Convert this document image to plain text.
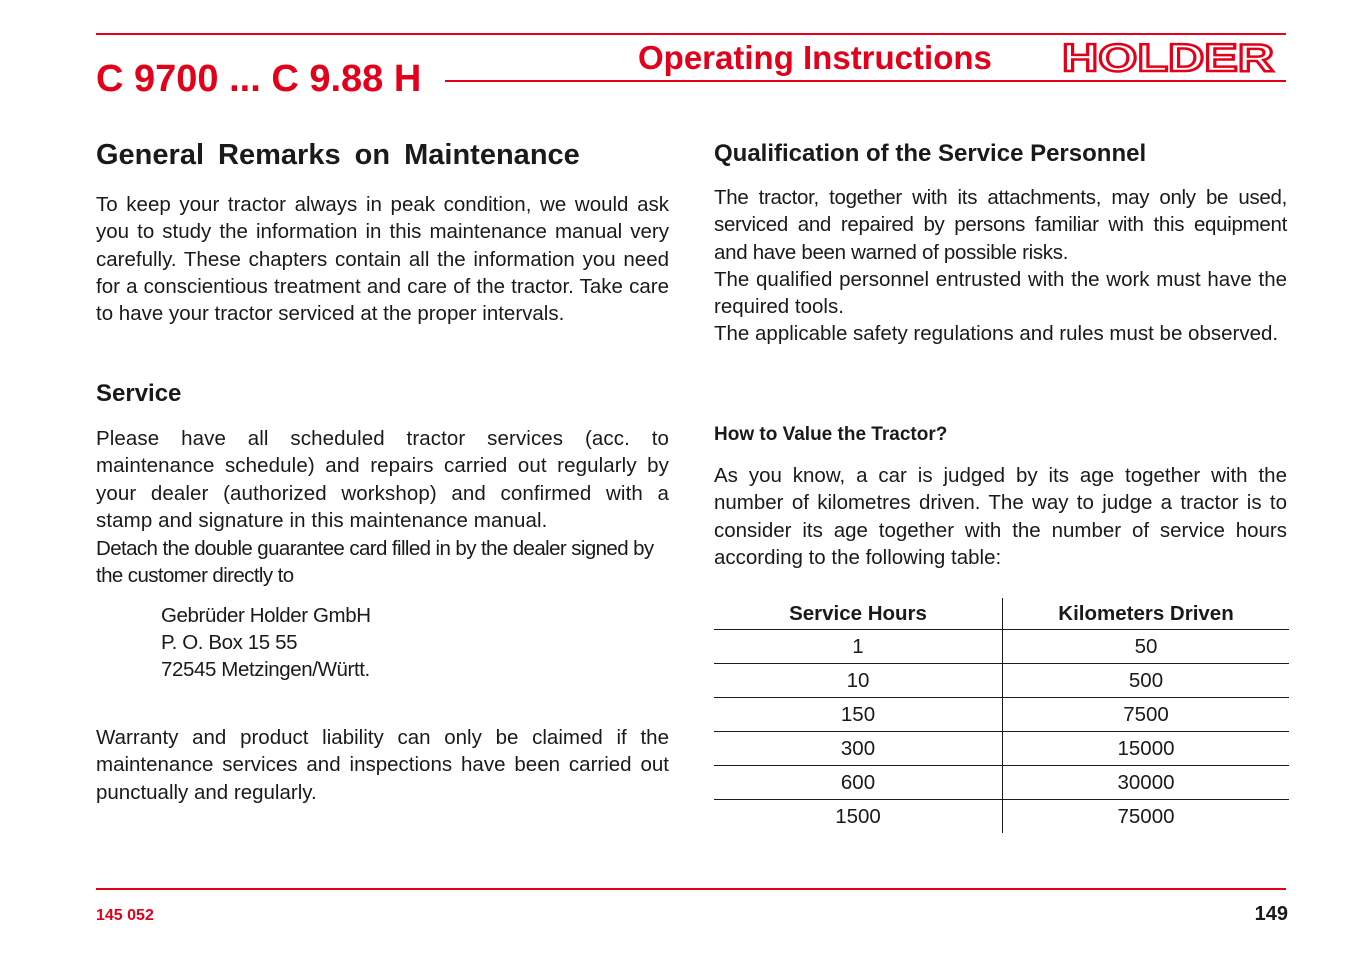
Operating Instructions HOLDER
C 9700 ... C 9.88 H
General Remarks on Maintenance

To keep your tractor always in peak condition, we would ask you to study the information in this maintenance manual very carefully. These chapters contain all the information you need for a conscientious treatment and care of the tractor. Take care to have your tractor serviced at the proper intervals.

Service

Please have all scheduled tractor services (acc. to maintenance schedule) and repairs carried out regularly by your dealer (authorized workshop) and confirmed with a stamp and signature in this maintenance manual.

Detach the double guarantee card filled in by the dealer signed by the customer directly to

Gebrüder Holder GmbH
P. O. Box 15 55
72545 Metzingen/Württ.

Warranty and product liability can only be claimed if the maintenance services and inspections have been carried out punctually and regularly.

Qualification of the Service Personnel
The tractor, together with its attachments, may only be used, serviced and repaired by persons familiar with this equipment and have been warned of possible risks.
The qualified personnel entrusted with the work must have the required tools.
The applicable safety regulations and rules must be observed.
How to Value the Tractor?

As you know, a car is judged by its age together with the number of kilometres driven. The way to judge a tractor is to consider its age together with the number of service hours according to the following table:

Service Hours	Kilometers Driven
1	50
10	500
150	7500
300	15000
600	30000
1500	75000
145 052	149
